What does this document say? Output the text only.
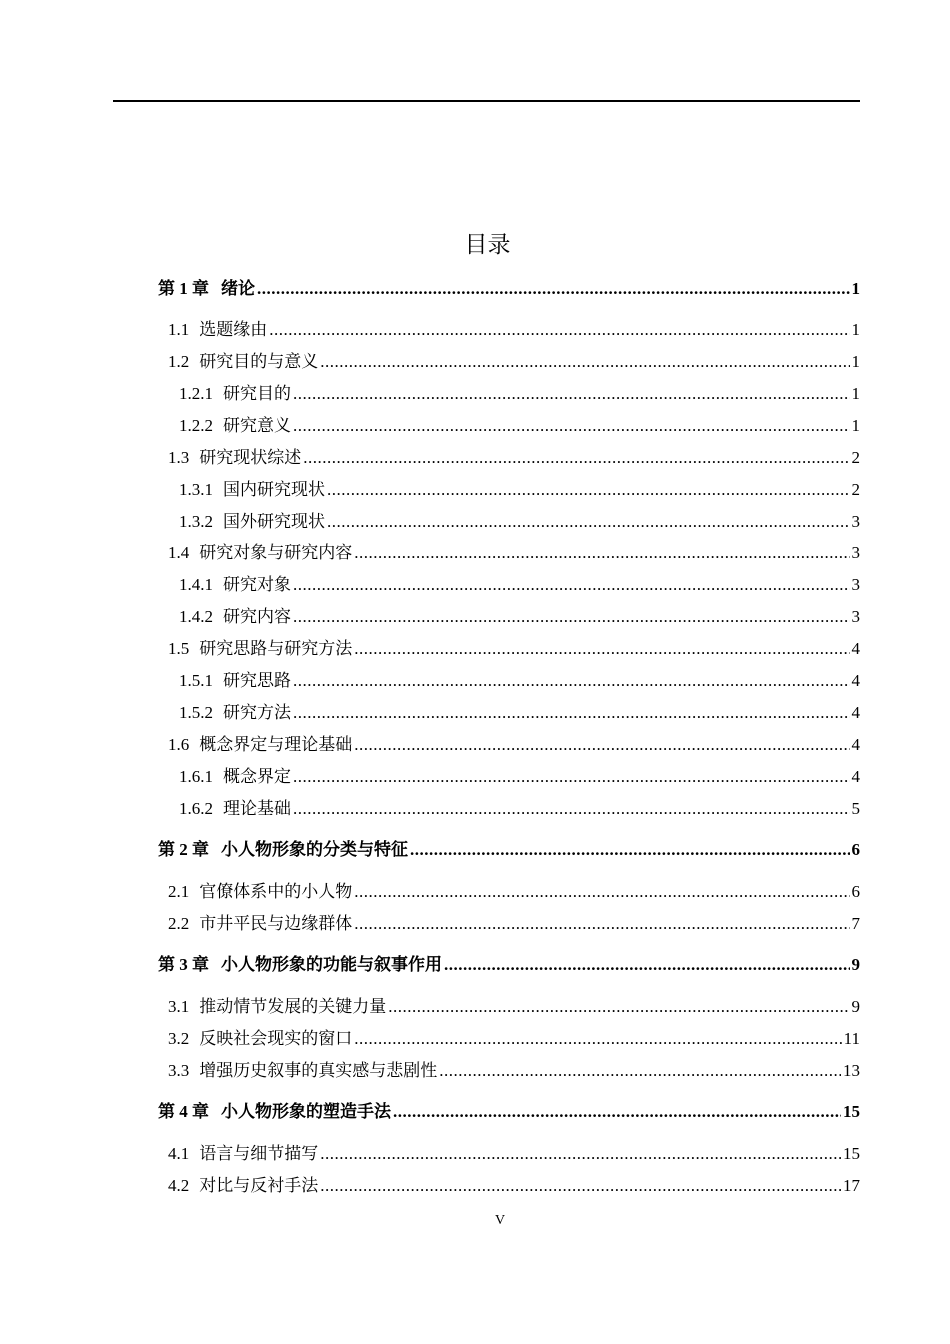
目录
第 1 章 绪论 .....	1
1.1 选题缘由 .....	1
1.2 研究目的与意义 .....	1
1.2.1 研究目的 .....	1
1.2.2 研究意义 .....	1
1.3 研究现状综述 .....	2
1.3.1 国内研究现状 .....	2
1.3.2 国外研究现状 .....	3
1.4 研究对象与研究内容 .....	3
1.4.1 研究对象 .....	3
1.4.2 研究内容 .....	3
1.5 研究思路与研究方法 .....	4
1.5.1 研究思路 .....	4
1.5.2 研究方法 .....	4
1.6 概念界定与理论基础 .....	4
1.6.1 概念界定 .....	4
1.6.2 理论基础 .....	5
第 2 章 小人物形象的分类与特征 .....	6
2.1 官僚体系中的小人物 .....	6
2.2 市井平民与边缘群体 .....	7
第 3 章 小人物形象的功能与叙事作用 .....	9
3.1 推动情节发展的关键力量 .....	9
3.2 反映社会现实的窗口 .....	11
3.3 增强历史叙事的真实感与悲剧性 .....	13
第 4 章 小人物形象的塑造手法 .....	15
4.1 语言与细节描写 .....	15
4.2 对比与反衬手法 .....	17
V
